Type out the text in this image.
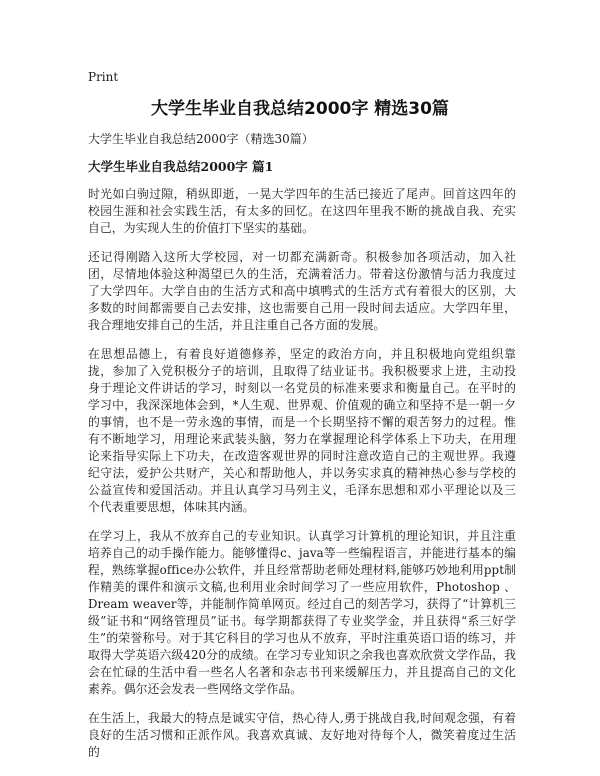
Print
大学生毕业自我总结2000字 精选30篇
大学生毕业自我总结2000字（精选30篇）
大学生毕业自我总结2000字 篇1

时光如白驹过隙，稍纵即逝，一晃大学四年的生活已接近了尾声。回首这四年的校园生涯和社会实践生活，有太多的回忆。在这四年里我不断的挑战自我、充实自己，为实现人生的价值打下坚实的基础。

还记得刚踏入这所大学校园，对一切都充满新奇。积极参加各项活动，加入社团，尽情地体验这种渴望已久的生活，充满着活力。带着这份激情与活力我度过了大学四年。大学自由的生活方式和高中填鸭式的生活方式有着很大的区别，大多数的时间都需要自己去安排，这也需要自己用一段时间去适应。大学四年里，我合理地安排自己的生活，并且注重自己各方面的发展。

在思想品德上，有着良好道德修养，坚定的政治方向，并且积极地向党组织靠拢，参加了入党积极分子的培训，且取得了结业证书。我积极要求上进，主动投身于理论文件讲话的学习，时刻以一名党员的标准来要求和衡量自己。在平时的学习中，我深深地体会到，*人生观、世界观、价值观的确立和坚持不是一朝一夕的事情，也不是一劳永逸的事情，而是一个长期坚持不懈的艰苦努力的过程。惟有不断地学习，用理论来武装头脑，努力在掌握理论科学体系上下功夫，在用理论来指导实际上下功夫，在改造客观世界的同时注意改造自己的主观世界。我遵纪守法，爱护公共财产，关心和帮助他人，并以务实求真的精神热心参与学校的公益宣传和爱国活动。并且认真学习马列主义，毛泽东思想和邓小平理论以及三个代表重要思想，体味其内涵。

在学习上，我从不放弃自己的专业知识。认真学习计算机的理论知识，并且注重培养自己的动手操作能力。能够懂得c、java等一些编程语言，并能进行基本的编程，熟练掌握office办公软件，并且经常帮助老师处理材料,能够巧妙地利用ppt制作精美的课件和演示文稿,也利用业余时间学习了一些应用软件，Photoshop 、Dream weaver等，并能制作简单网页。经过自己的刻苦学习，获得了“计算机三级”证书和“网络管理员”证书。每学期都获得了专业奖学金，并且获得“系三好学生”的荣誉称号。对于其它科目的学习也从不放弃，平时注重英语口语的练习，并取得大学英语六级420分的成绩。在学习专业知识之余我也喜欢欣赏文学作品，我会在忙碌的生活中看一些名人名著和杂志书刊来缓解压力，并且提高自己的文化素养。偶尔还会发表一些网络文学作品。

在生活上，我最大的特点是诚实守信，热心待人,勇于挑战自我,时间观念强，有着良好的生活习惯和正派作风。我喜欢真诚、友好地对待每个人，微笑着度过生活的
